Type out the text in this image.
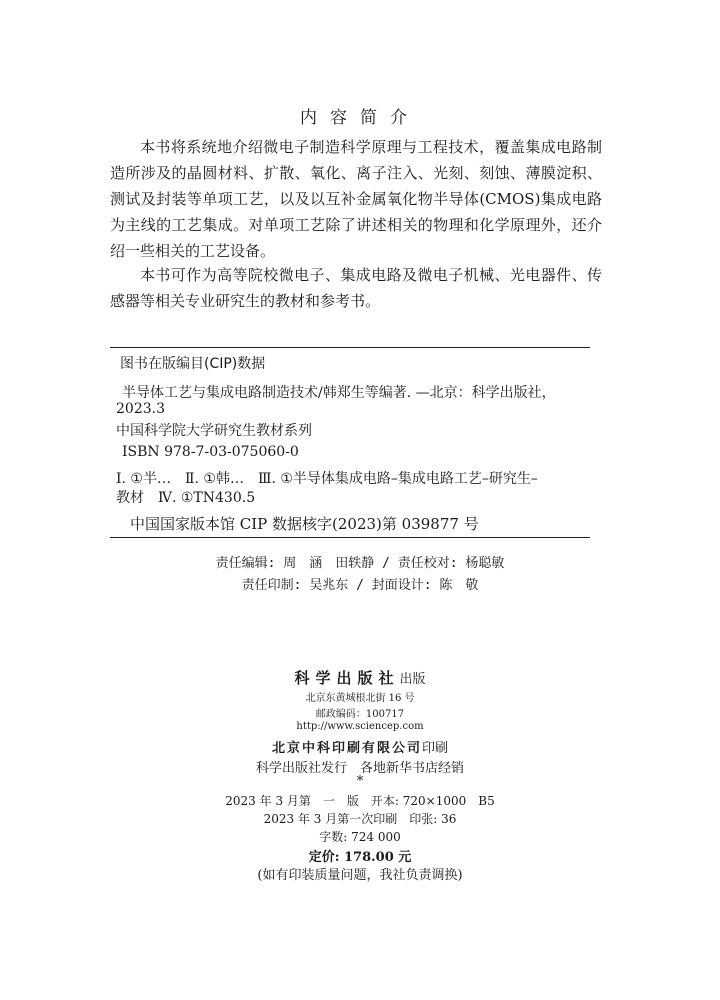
内容简介
本书将系统地介绍微电子制造科学原理与工程技术，覆盖集成电路制造所涉及的晶圆材料、扩散、氧化、离子注入、光刻、刻蚀、薄膜淀积、测试及封装等单项工艺，以及以互补金属氧化物半导体(CMOS)集成电路为主线的工艺集成。对单项工艺除了讲述相关的物理和化学原理外，还介绍一些相关的工艺设备。
本书可作为高等院校微电子、集成电路及微电子机械、光电器件、传感器等相关专业研究生的教材和参考书。
图书在版编目(CIP)数据
半导体工艺与集成电路制造技术/韩郑生等编著. —北京：科学出版社，
2023.3
中国科学院大学研究生教材系列
ISBN 978-7-03-075060-0
Ⅰ. ①半…　Ⅱ. ①韩…　Ⅲ. ①半导体集成电路–集成电路工艺–研究生–
教材　Ⅳ. ①TN430.5
中国国家版本馆 CIP 数据核字(2023)第 039877 号
责任编辑: 周　涵　田轶静 / 责任校对: 杨聪敏
责任印制: 吴兆东 / 封面设计: 陈　敬
科学出版社出版
北京东黄城根北街 16 号
邮政编码：100717
http://www.sciencep.com
北京中科印刷有限公司印刷
科学出版社发行　各地新华书店经销
*
2023 年 3 月第　一　版　开本: 720×1000　B5
2023 年 3 月第一次印刷　印张: 36
字数: 724 000
定价: 178.00 元
(如有印装质量问题，我社负责调换)
